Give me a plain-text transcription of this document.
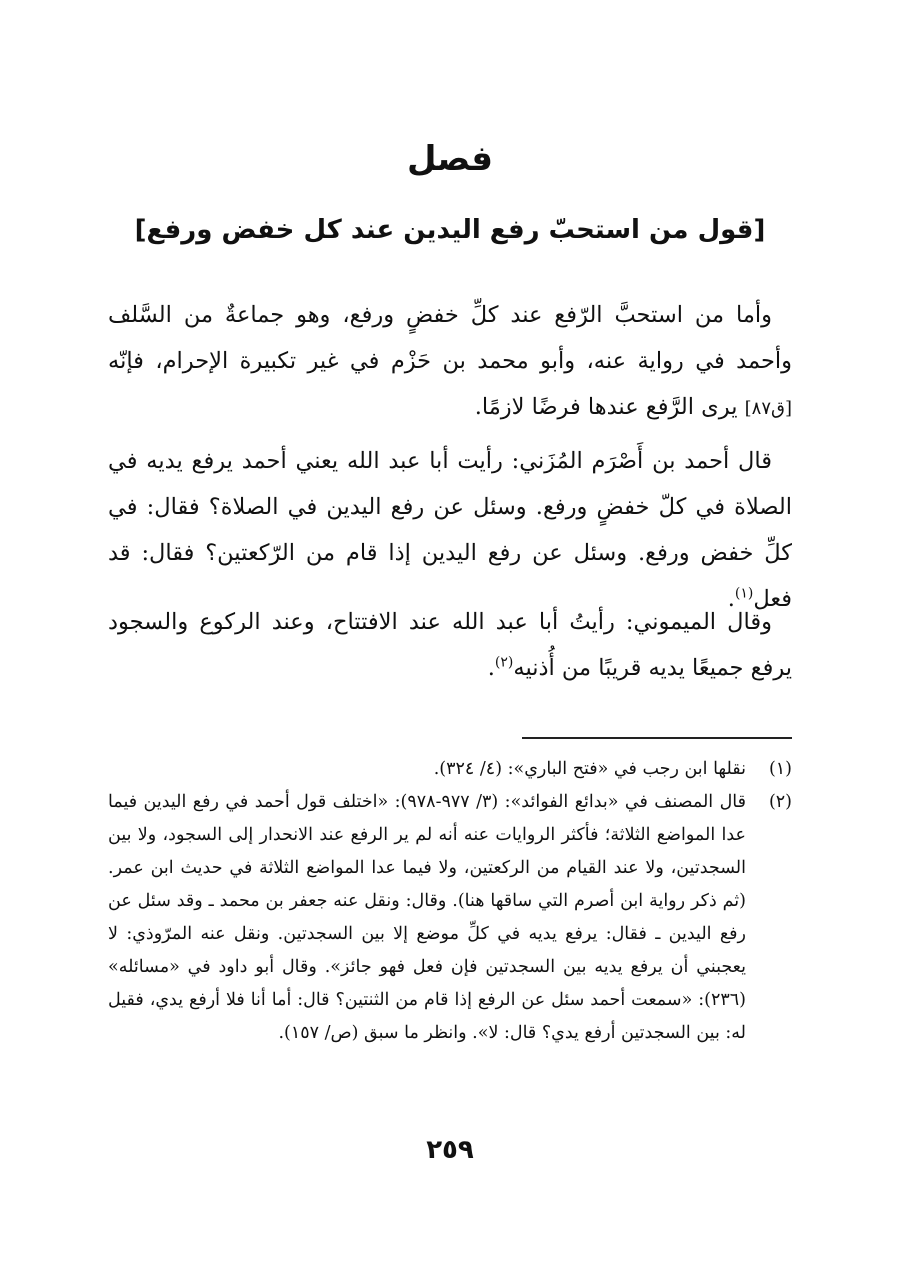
فصل
[قول من استحبّ رفع اليدين عند كل خفض ورفع]

وأما من استحبَّ الرّفع عند كلِّ خفضٍ ورفع، وهو جماعةٌ من السَّلف وأحمد في رواية عنه، وأبو محمد بن حَزْم في غير تكبيرة الإحرام، فإنّه [ق٨٧] يرى الرَّفع عندها فرضًا لازمًا.

قال أحمد بن أَصْرَم المُزَني: رأيت أبا عبد الله يعني أحمد يرفع يديه في الصلاة في كلّ خفضٍ ورفع. وسئل عن رفع اليدين في الصلاة؟ فقال: في كلِّ خفض ورفع. وسئل عن رفع اليدين إذا قام من الرّكعتين؟ فقال: قد فعل$^{(١)}$.

وقال الميموني: رأيتُ أبا عبد الله عند الافتتاح، وعند الركوع والسجود يرفع جميعًا يديه قريبًا من أُذنيه$^{(٢)}$.

(١)
نقلها ابن رجب في «فتح الباري»: (٤/ ٣٢٤).
(٢)
قال المصنف في «بدائع الفوائد»: (٣/ ٩٧٧-٩٧٨): «اختلف قول أحمد في رفع اليدين فيما عدا المواضع الثلاثة؛ فأكثر الروايات عنه أنه لم ير الرفع عند الانحدار إلى السجود، ولا بين السجدتين، ولا عند القيام من الركعتين، ولا فيما عدا المواضع الثلاثة في حديث ابن عمر. (ثم ذكر رواية ابن أصرم التي ساقها هنا). وقال: ونقل عنه جعفر بن محمد ـ وقد سئل عن رفع اليدين ـ فقال: يرفع يديه في كلِّ موضع إلا بين السجدتين. ونقل عنه المرّوذي: لا يعجبني أن يرفع يديه بين السجدتين فإن فعل فهو جائز». وقال أبو داود في «مسائله» (٢٣٦): «سمعت أحمد سئل عن الرفع إذا قام من الثنتين؟ قال: أما أنا فلا أرفع يدي، فقيل له: بين السجدتين أرفع يدي؟ قال: لا». وانظر ما سبق (ص/ ١٥٧).
٢٥٩
